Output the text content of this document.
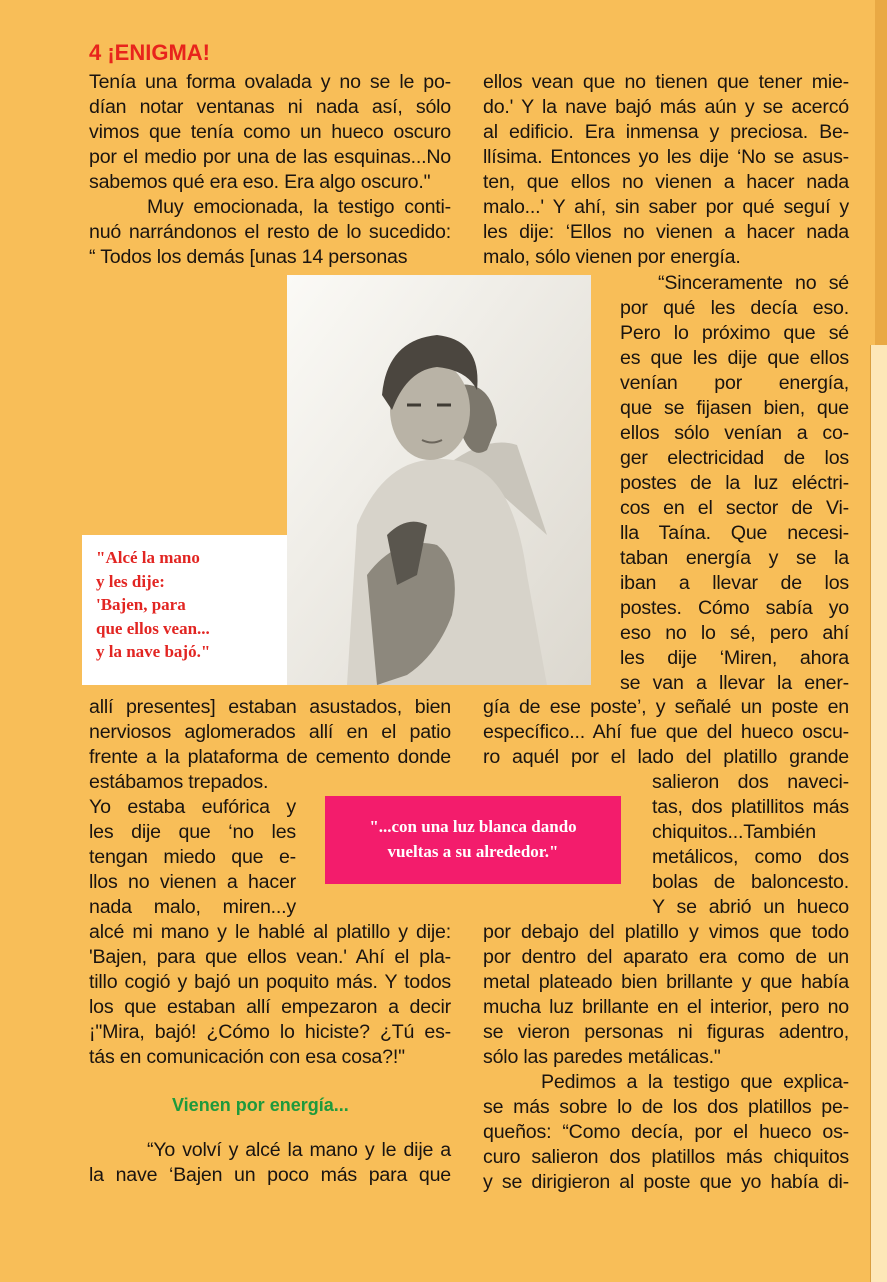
4 ¡ENIGMA!
Tenía una forma ovalada y no se le po-
dían notar ventanas ni nada así, sólo
vimos que tenía como un hueco oscuro
por el medio por una de las esquinas...No
sabemos qué era eso. Era algo oscuro."
Muy emocionada, la testigo conti-
nuó narrándonos el resto de lo sucedido:
“ Todos los demás [unas 14 personas
allí presentes] estaban asustados, bien
nerviosos aglomerados allí en el patio
frente a la plataforma de cemento donde
estábamos trepados.
Yo estaba eufórica y
les dije que ‘no les
tengan miedo que e-
llos no vienen a hacer
nada malo, miren...y
alcé mi mano y le hablé al platillo y dije:
'Bajen, para que ellos vean.' Ahí el pla-
tillo cogió y bajó un poquito más. Y todos
los que estaban allí empezaron a decir
¡"Mira, bajó! ¿Cómo lo hiciste? ¿Tú es-
tás en comunicación con esa cosa?!"
Vienen por energía...
“Yo volví y alcé la mano y le dije a
la nave ‘Bajen un poco más para que
ellos vean que no tienen que tener mie-
do.' Y la nave bajó más aún y se acercó
al edificio. Era inmensa y preciosa. Be-
llísima. Entonces yo les dije ‘No se asus-
ten, que ellos no vienen a hacer nada
malo...' Y ahí, sin saber por qué seguí y
les dije: ‘Ellos no vienen a hacer nada
malo, sólo vienen por energía.
“Sinceramente no sé
por qué les decía eso.
Pero lo próximo que sé
es que les dije que ellos
venían por energía,
que se fijasen bien, que
ellos sólo venían a co-
ger electricidad de los
postes de la luz eléctri-
cos en el sector de Vi-
lla Taína. Que necesi-
taban energía y se la
iban a llevar de los
postes. Cómo sabía yo
eso no lo sé, pero ahí
les dije ‘Miren, ahora
se van a llevar la ener-
gía de ese poste’, y señalé un poste en
específico... Ahí fue que del hueco oscu-
ro aquél por el lado del platillo grande
salieron dos naveci-
tas, dos platillitos más
chiquitos...También
metálicos, como dos
bolas de baloncesto.
Y se abrió un hueco
por debajo del platillo y vimos que todo
por dentro del aparato era como de un
metal plateado bien brillante y que había
mucha luz brillante en el interior, pero no
se vieron personas ni figuras adentro,
sólo las paredes metálicas."
Pedimos a la testigo que explica-
se más sobre lo de los dos platillos pe-
queños: “Como decía, por el hueco os-
curo salieron dos platillos más chiquitos
y se dirigieron al poste que yo había di-
"Alcé la mano
y les dije:
'Bajen, para
que ellos vean...
y la nave bajó."
"...con una luz blanca dando
vueltas a su alrededor."
